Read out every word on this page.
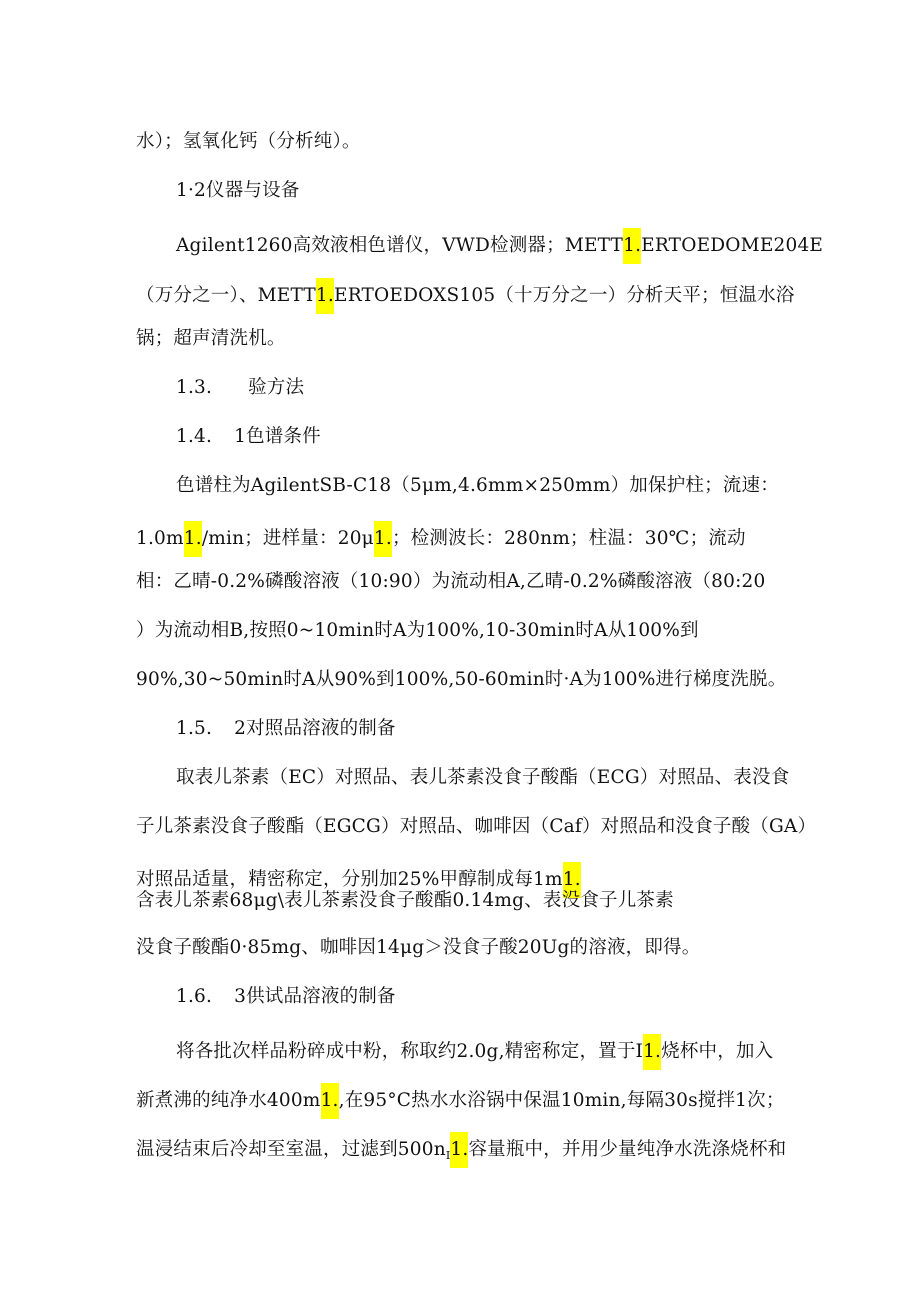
水）；氢氧化钙（分析纯）。
1·2仪器与设备
Agilent1260高效液相色谱仪，VWD检测器；METT1.ERTOEDOME204E
（万分之一）、METT1.ERTOEDOXS105（十万分之一）分析天平；恒温水浴
锅；超声清洗机。
1.3. 验方法
1.4. 1色谱条件
色谱柱为AgilentSB-C18（5μm,4.6mm×250mm）加保护柱；流速：
1.0m1./min；进样量：20μ1.；检测波长：280nm；柱温：30℃；流动
相：乙晴-0.2%磷酸溶液（10:90）为流动相A,乙晴-0.2%磷酸溶液（80:20
）为流动相B,按照0~10min时A为100%,10-30min时A从100%到
90%,30~50min时A从90%到100%,50-60min时·A为100%进行梯度洗脱。
1.5. 2对照品溶液的制备
取表儿茶素（EC）对照品、表儿茶素没食子酸酯（ECG）对照品、表没食
子儿茶素没食子酸酯（EGCG）对照品、咖啡因（Caf）对照品和没食子酸（GA）
对照品适量，精密称定，分别加25%甲醇制成每1m1.
含表儿茶素68μg\表儿茶素没食子酸酯0.14mg、表没食子儿茶素
没食子酸酯0·85mg、咖啡因14μg＞没食子酸20Ug的溶液，即得。
1.6. 3供试品溶液的制备
将各批次样品粉碎成中粉，称取约2.0g,精密称定，置于I1.烧杯中，加入
新煮沸的纯净水400m1.,在95°C热水水浴锅中保温10min,每隔30s搅拌1次；
温浸结束后冷却至室温，过滤到$500n_I1$.容量瓶中，并用少量纯净水洗涤烧杯和
